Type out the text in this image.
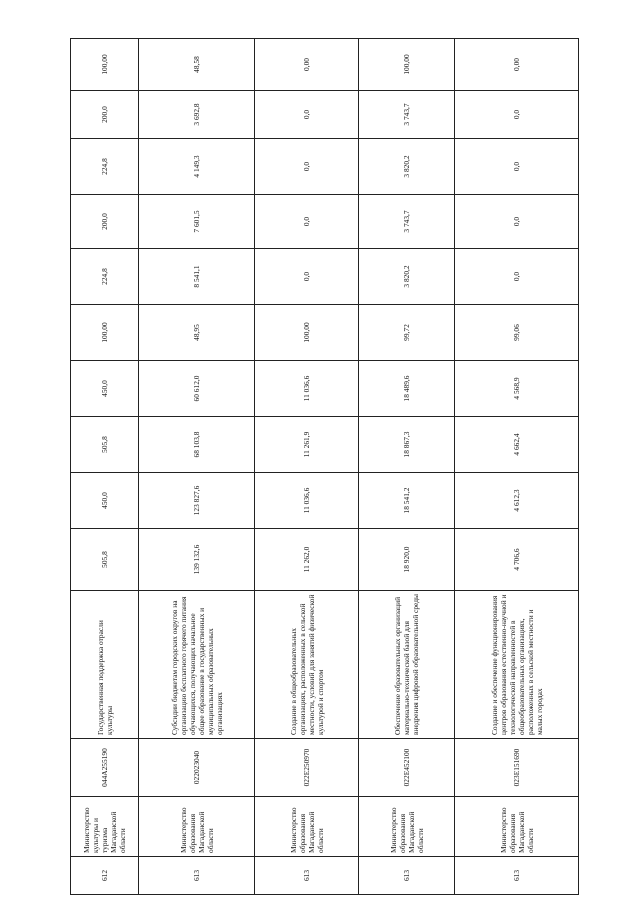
612	Министерство культуры и туризма Магаданской области	044А255190	Государственная поддержка отрасли культуры	505,8	450,0	505,8	450,0	100,00	224,8	200,0	224,8	200,0	100,00
613	Министерство образования Магаданской области	022023040	Субсидии бюджетам городских округов на организацию бесплатного горячего питания обучающихся, получающих начальное общее образование в государственных и муниципальных образовательных организациях	139 132,6	123 827,6	68 103,8	60 612,0	48,95	8 541,1	7 601,5	4 149,3	3 692,8	48,58
613	Министерство образования Магаданской области	022Е250970	Создание в общеобразовательных организациях, расположенных в сельской местности, условий для занятий физической культурой и спортом	11 262,0	11 036,6	11 261,9	11 036,6	100,00	0,0	0,0	0,0	0,0	0,00
613	Министерство образования Магаданской области	022Е452100	Обеспечение образовательных организаций материально-технической базой для внедрения цифровой образовательной среды	18 920,0	18 541,2	18 867,3	18 489,6	99,72	3 820,2	3 743,7	3 820,2	3 743,7	100,00
613	Министерство образования Магаданской области	023Е151690	Создание и обеспечение функционирования центров образования естественно-научной и технологической направленностей в общеобразовательных организациях, расположенных в сельской местности и малых городах	4 706,6	4 612,3	4 662,4	4 568,9	99,06	0,0	0,0	0,0	0,0	0,00
